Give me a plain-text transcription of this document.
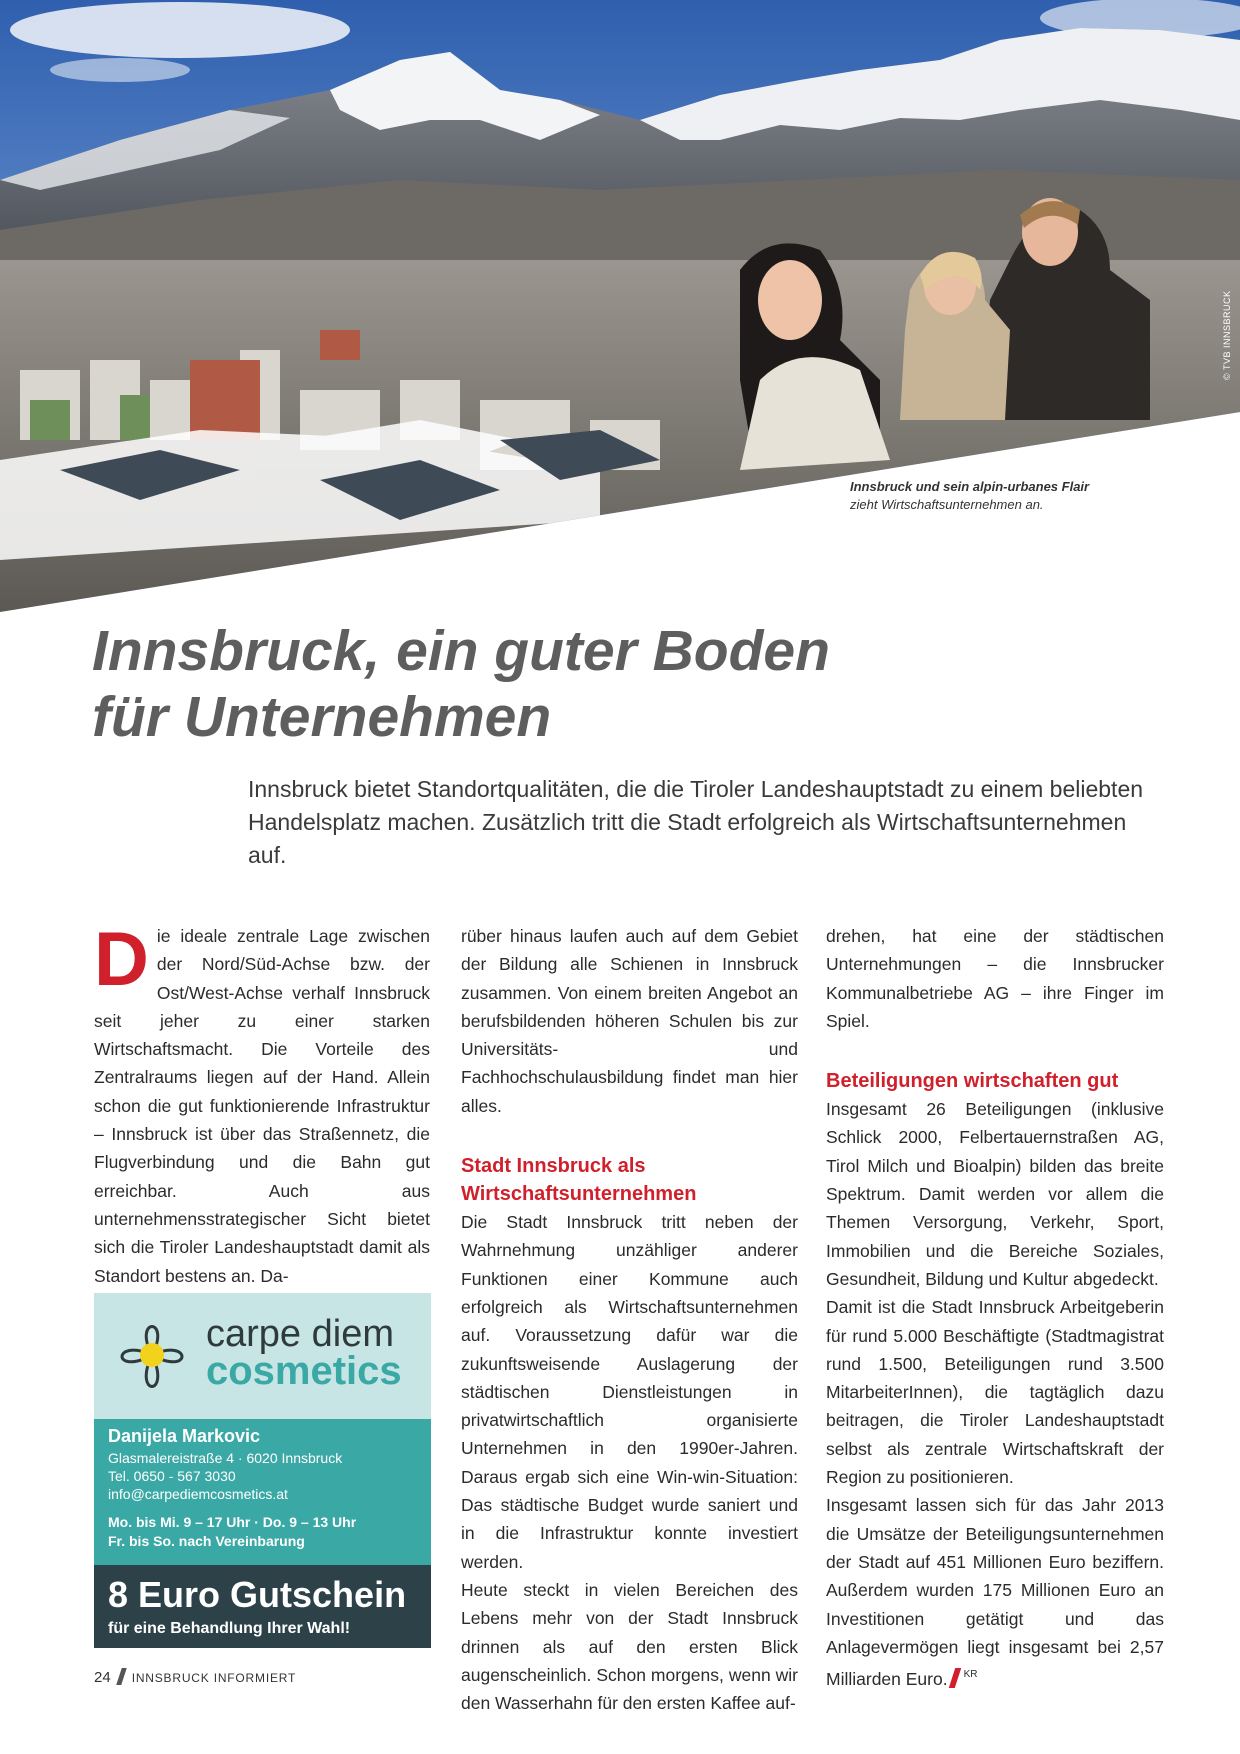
© TVB INNSBRUCK
Innsbruck und sein alpin-urbanes Flair
zieht Wirtschaftsunternehmen an.
Innsbruck, ein guter Boden
für Unternehmen

Innsbruck bietet Standortqualitäten, die die Tiroler Landeshauptstadt zu einem beliebten Handelsplatz machen. Zusätzlich tritt die Stadt erfolgreich als Wirtschaftsunternehmen auf.

D ie ideale zentrale Lage zwischen der Nord/Süd-Achse bzw. der Ost/West-Achse verhalf Innsbruck seit jeher zu einer starken Wirtschaftsmacht. Die Vorteile des Zentralraums liegen auf der Hand. Allein schon die gut funktionierende Infrastruktur – Innsbruck ist über das Straßennetz, die Flugverbindung und die Bahn gut erreichbar. Auch aus unternehmensstrategischer Sicht bietet sich die Tiroler Landeshauptstadt damit als Standort bestens an. Da-

carpe diem
cosmetics
Danijela Markovic
Glasmalereistraße 4 · 6020 Innsbruck
Tel. 0650 - 567 3030
info@carpediemcosmetics.at
Mo. bis Mi. 9 – 17 Uhr · Do. 9 – 13 Uhr
Fr. bis So. nach Vereinbarung
8 Euro Gutschein
für eine Behandlung Ihrer Wahl!

rüber hinaus laufen auch auf dem Gebiet der Bildung alle Schienen in Innsbruck zusammen. Von einem breiten Angebot an berufsbildenden höheren Schulen bis zur Universitäts- und Fachhochschulausbildung findet man hier alles.

Stadt Innsbruck als Wirtschaftsunternehmen

Die Stadt Innsbruck tritt neben der Wahrnehmung unzähliger anderer Funktionen einer Kommune auch erfolgreich als Wirtschaftsunternehmen auf. Voraussetzung dafür war die zukunftsweisende Auslagerung der städtischen Dienstleistungen in privatwirtschaftlich organisierte Unternehmen in den 1990er-Jahren. Daraus ergab sich eine Win-win-Situation: Das städtische Budget wurde saniert und in die Infrastruktur konnte investiert werden.

Heute steckt in vielen Bereichen des Lebens mehr von der Stadt Innsbruck drinnen als auf den ersten Blick augenscheinlich. Schon morgens, wenn wir den Wasserhahn für den ersten Kaffee auf-

drehen, hat eine der städtischen Unternehmungen – die Innsbrucker Kommunalbetriebe AG – ihre Finger im Spiel.

Beteiligungen wirtschaften gut

Insgesamt 26 Beteiligungen (inklusive Schlick 2000, Felbertauernstraßen AG, Tirol Milch und Bioalpin) bilden das breite Spektrum. Damit werden vor allem die Themen Versorgung, Verkehr, Sport, Immobilien und die Bereiche Soziales, Gesundheit, Bildung und Kultur abgedeckt.

Damit ist die Stadt Innsbruck Arbeitgeberin für rund 5.000 Beschäftigte (Stadtmagistrat rund 1.500, Beteiligungen rund 3.500 MitarbeiterInnen), die tagtäglich dazu beitragen, die Tiroler Landeshauptstadt selbst als zentrale Wirtschaftskraft der Region zu positionieren.

Insgesamt lassen sich für das Jahr 2013 die Umsätze der Beteiligungsunternehmen der Stadt auf 451 Millionen Euro beziffern. Außerdem wurden 175 Millionen Euro an Investitionen getätigt und das Anlagevermögen liegt insgesamt bei 2,57 Milliarden Euro. $^{KR}$

24 INNSBRUCK INFORMIERT
